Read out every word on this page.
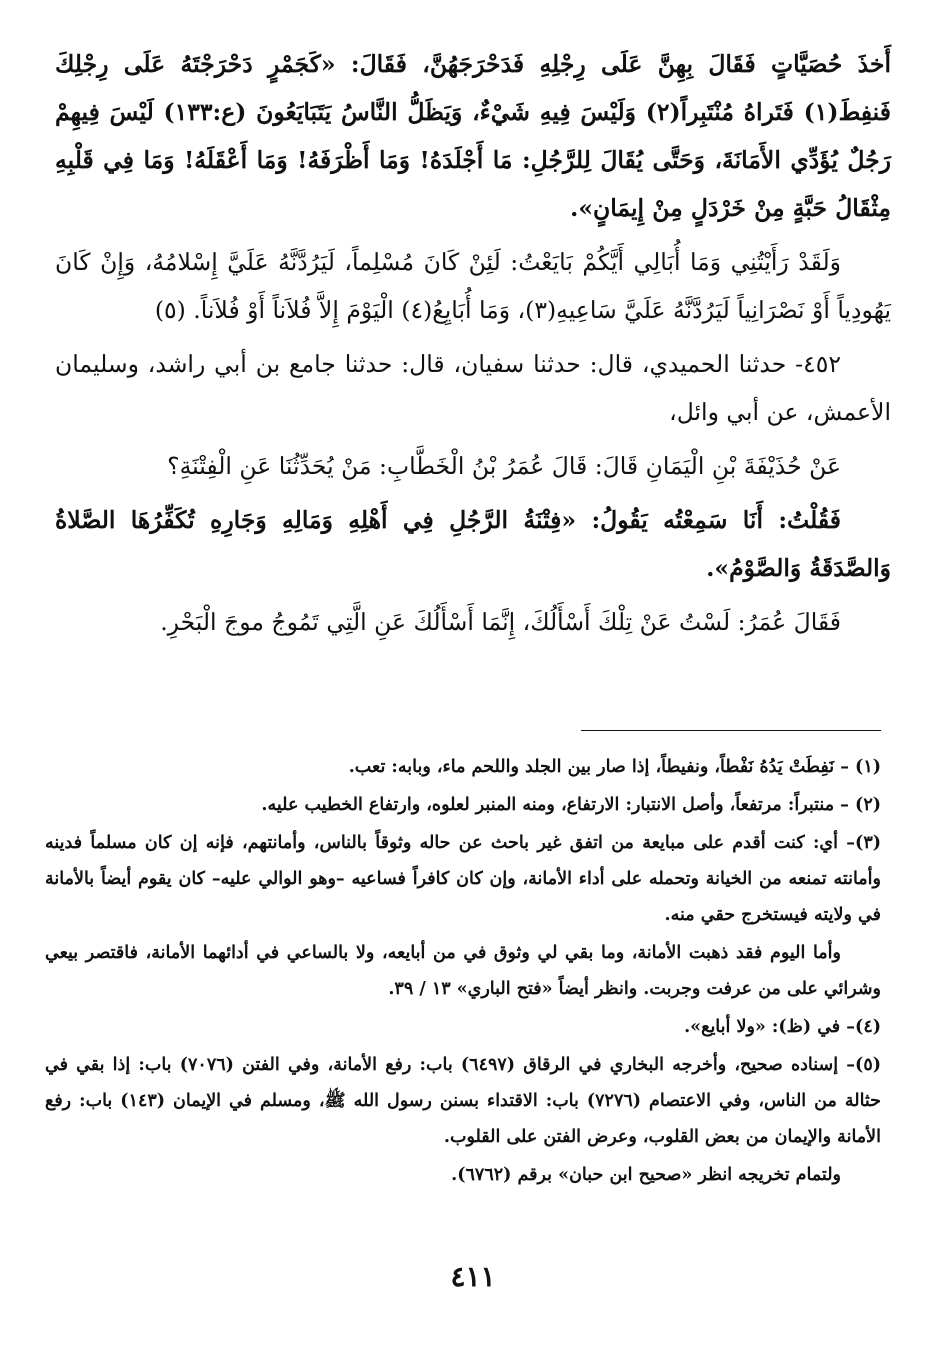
أَخذَ حُصَيَّاتٍ فَقَالَ بِهِنَّ عَلَى رِجْلِهِ فَدَحْرَجَهُنَّ، فَقَالَ: «كَجَمْرٍ دَحْرَجْتَهُ عَلَى رِجْلِكَ فَنفِطَ(١) فَتَراهُ مُنْتَبِراً(٢) وَلَيْسَ فِيهِ شَيْءٌ، وَيَظَلُّ النَّاسُ يَتَبَايَعُونَ (ع:١٣٣) لَيْسَ فِيهِمْ رَجُلٌ يُؤَدِّي الأَمَانَةَ، وَحَتَّى يُقَالَ لِلرَّجُلِ: مَا أَجْلَدَهُ! وَمَا أَظْرَفَهُ! وَمَا أَعْقَلَهُ! وَمَا فِي قَلْبِهِ مِثْقَالُ حَبَّةٍ مِنْ خَرْدَلٍ مِنْ إِيمَانٍ».

وَلَقَدْ رَأَيْتُنِي وَمَا أُبَالِي أَيَّكُمْ بَايَعْتُ: لَئِنْ كَانَ مُسْلِماً، لَيَرُدَّنَّهُ عَلَيَّ إِسْلامُهُ، وَإِنْ كَانَ يَهُودِياً أَوْ نَصْرَانِياً لَيَرُدَّنَّهُ عَلَيَّ سَاعِيهِ(٣)، وَمَا أُبَايِعُ(٤) الْيَوْمَ إِلاَّ فُلاَناً أَوْ فُلاَناً. (٥)

٤٥٢- حدثنا الحميدي، قال: حدثنا سفيان، قال: حدثنا جامع بن أبي راشد، وسليمان الأعمش، عن أبي وائل،

عَنْ حُذَيْفَةَ بْنِ الْيَمَانِ قَالَ: قَالَ عُمَرُ بْنُ الْخَطَّابِ: مَنْ يُحَدِّثُنَا عَنِ الْفِتْنَةِ؟

فَقُلْتُ: أَنَا سَمِعْتُه يَقُولُ: «فِتْنَةُ الرَّجُلِ فِي أَهْلِهِ وَمَالِهِ وَجَارِهِ تُكَفِّرُهَا الصَّلاةُ وَالصَّدَقَةُ وَالصَّوْمُ».

فَقَالَ عُمَرُ: لَسْتُ عَنْ تِلْكَ أَسْأَلُكَ، إِنَّمَا أَسْأَلُكَ عَنِ الَّتِي تَمُوجُ موجَ الْبَحْرِ.

(١) – نَفِطَتْ يَدُهُ نَفْطاً، ونفيطاً، إذا صار بين الجلد واللحم ماء، وبابه: تعب.

(٢) – منتبراً: مرتفعاً، وأصل الانتبار: الارتفاع، ومنه المنبر لعلوه، وارتفاع الخطيب عليه.

(٣)– أي: كنت أقدم على مبايعة من اتفق غير باحث عن حاله وثوقاً بالناس، وأمانتهم، فإنه إن كان مسلماً فدينه وأمانته تمنعه من الخيانة وتحمله على أداء الأمانة، وإن كان كافراً فساعيه –وهو الوالي عليه– كان يقوم أيضاً بالأمانة في ولايته فيستخرج حقي منه.

وأما اليوم فقد ذهبت الأمانة، وما بقي لي وثوق في من أبايعه، ولا بالساعي في أدائهما الأمانة، فاقتصر بيعي وشرائي على من عرفت وجربت. وانظر أيضاً «فتح الباري» ١٣ / ٣٩.

(٤)– في (ظ): «ولا أبايع».

(٥)– إسناده صحيح، وأخرجه البخاري في الرقاق (٦٤٩٧) باب: رفع الأمانة، وفي الفتن (٧٠٧٦) باب: إذا بقي في حثالة من الناس، وفي الاعتصام (٧٢٧٦) باب: الاقتداء بسنن رسول الله ﷺ، ومسلم في الإيمان (١٤٣) باب: رفع الأمانة والإيمان من بعض القلوب، وعرض الفتن على القلوب.

ولتمام تخريجه انظر «صحيح ابن حبان» برقم (٦٧٦٢).

٤١١
